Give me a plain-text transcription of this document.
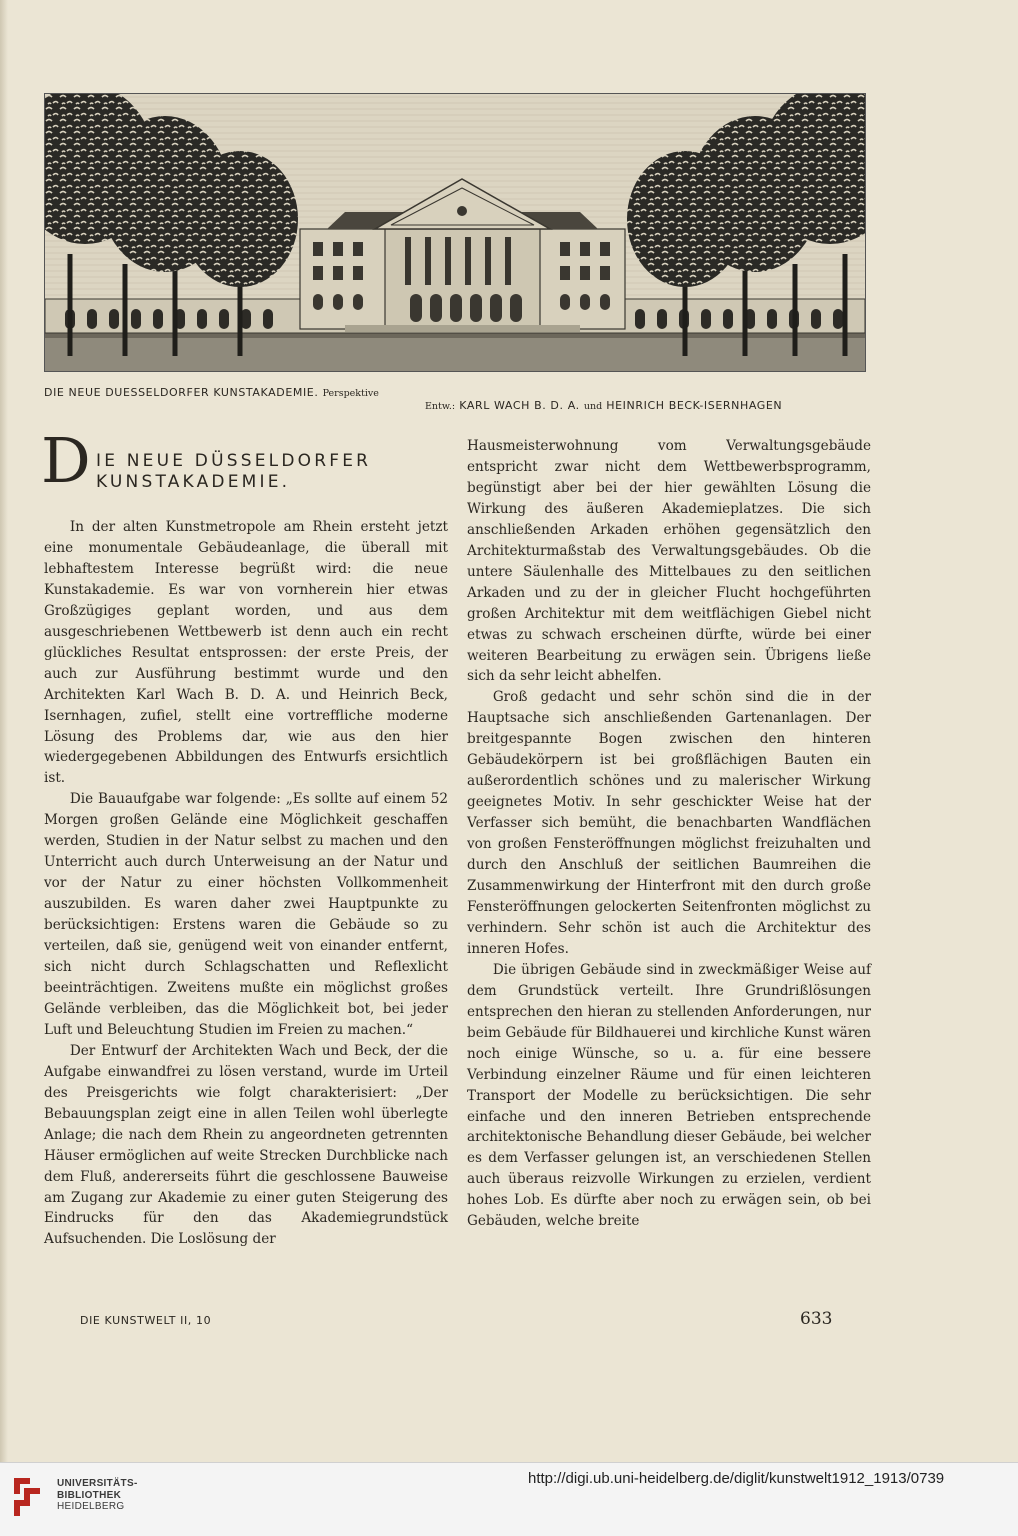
DIE NEUE DUESSELDORFER KUNSTAKADEMIE. Perspektive
Entw.: KARL WACH B. D. A. und HEINRICH BECK-ISERNHAGEN
D IE NEUE DÜSSELDORFER
KUNSTAKADEMIE.

In der alten Kunstmetropole am Rhein ersteht jetzt eine monumentale Gebäudeanlage, die überall mit lebhaftestem Interesse begrüßt wird: die neue Kunstakademie. Es war von vornherein hier etwas Großzügiges geplant worden, und aus dem ausgeschriebenen Wettbewerb ist denn auch ein recht glückliches Resultat entsprossen: der erste Preis, der auch zur Ausführung bestimmt wurde und den Architekten Karl Wach B. D. A. und Heinrich Beck, Isernhagen, zufiel, stellt eine vortreffliche moderne Lösung des Problems dar, wie aus den hier wiedergegebenen Abbildungen des Entwurfs ersichtlich ist.

Die Bauaufgabe war folgende: „Es sollte auf einem 52 Morgen großen Gelände eine Möglichkeit geschaffen werden, Studien in der Natur selbst zu machen und den Unterricht auch durch Unterweisung an der Natur und vor der Natur zu einer höchsten Vollkommenheit auszubilden. Es waren daher zwei Hauptpunkte zu berücksichtigen: Erstens waren die Gebäude so zu verteilen, daß sie, genügend weit von einander entfernt, sich nicht durch Schlagschatten und Reflexlicht beeinträchtigen. Zweitens mußte ein möglichst großes Gelände verbleiben, das die Möglichkeit bot, bei jeder Luft und Beleuchtung Studien im Freien zu machen.“

Der Entwurf der Architekten Wach und Beck, der die Aufgabe einwandfrei zu lösen verstand, wurde im Urteil des Preisgerichts wie folgt charakterisiert: „Der Bebauungsplan zeigt eine in allen Teilen wohl überlegte Anlage; die nach dem Rhein zu angeordneten getrennten Häuser ermöglichen auf weite Strecken Durchblicke nach dem Fluß, andererseits führt die geschlossene Bauweise am Zugang zur Akademie zu einer guten Steigerung des Eindrucks für den das Akademiegrundstück Aufsuchenden. Die Loslösung der

Hausmeisterwohnung vom Verwaltungsgebäude entspricht zwar nicht dem Wettbewerbsprogramm, begünstigt aber bei der hier gewählten Lösung die Wirkung des äußeren Akademieplatzes. Die sich anschließenden Arkaden erhöhen gegensätzlich den Architekturmaßstab des Verwaltungsgebäudes. Ob die untere Säulenhalle des Mittelbaues zu den seitlichen Arkaden und zu der in gleicher Flucht hochgeführten großen Architektur mit dem weitflächigen Giebel nicht etwas zu schwach erscheinen dürfte, würde bei einer weiteren Bearbeitung zu erwägen sein. Übrigens ließe sich da sehr leicht abhelfen.

Groß gedacht und sehr schön sind die in der Hauptsache sich anschließenden Gartenanlagen. Der breitgespannte Bogen zwischen den hinteren Gebäudekörpern ist bei großflächigen Bauten ein außerordentlich schönes und zu malerischer Wirkung geeignetes Motiv. In sehr geschickter Weise hat der Verfasser sich bemüht, die benachbarten Wandflächen von großen Fensteröffnungen möglichst freizuhalten und durch den Anschluß der seitlichen Baumreihen die Zusammenwirkung der Hinterfront mit den durch große Fensteröffnungen gelockerten Seitenfronten möglichst zu verhindern. Sehr schön ist auch die Architektur des inneren Hofes.

Die übrigen Gebäude sind in zweckmäßiger Weise auf dem Grundstück verteilt. Ihre Grundrißlösungen entsprechen den hieran zu stellenden Anforderungen, nur beim Gebäude für Bildhauerei und kirchliche Kunst wären noch einige Wünsche, so u. a. für eine bessere Verbindung einzelner Räume und für einen leichteren Transport der Modelle zu berücksichtigen. Die sehr einfache und den inneren Betrieben entsprechende architektonische Behandlung dieser Gebäude, bei welcher es dem Verfasser gelungen ist, an verschiedenen Stellen auch überaus reizvolle Wirkungen zu erzielen, verdient hohes Lob. Es dürfte aber noch zu erwägen sein, ob bei Gebäuden, welche breite

DIE KUNSTWELT II, 10	633
UNIVERSITÄTS-
BIBLIOTHEK
HEIDELBERG
http://digi.ub.uni-heidelberg.de/diglit/kunstwelt1912_1913/0739
